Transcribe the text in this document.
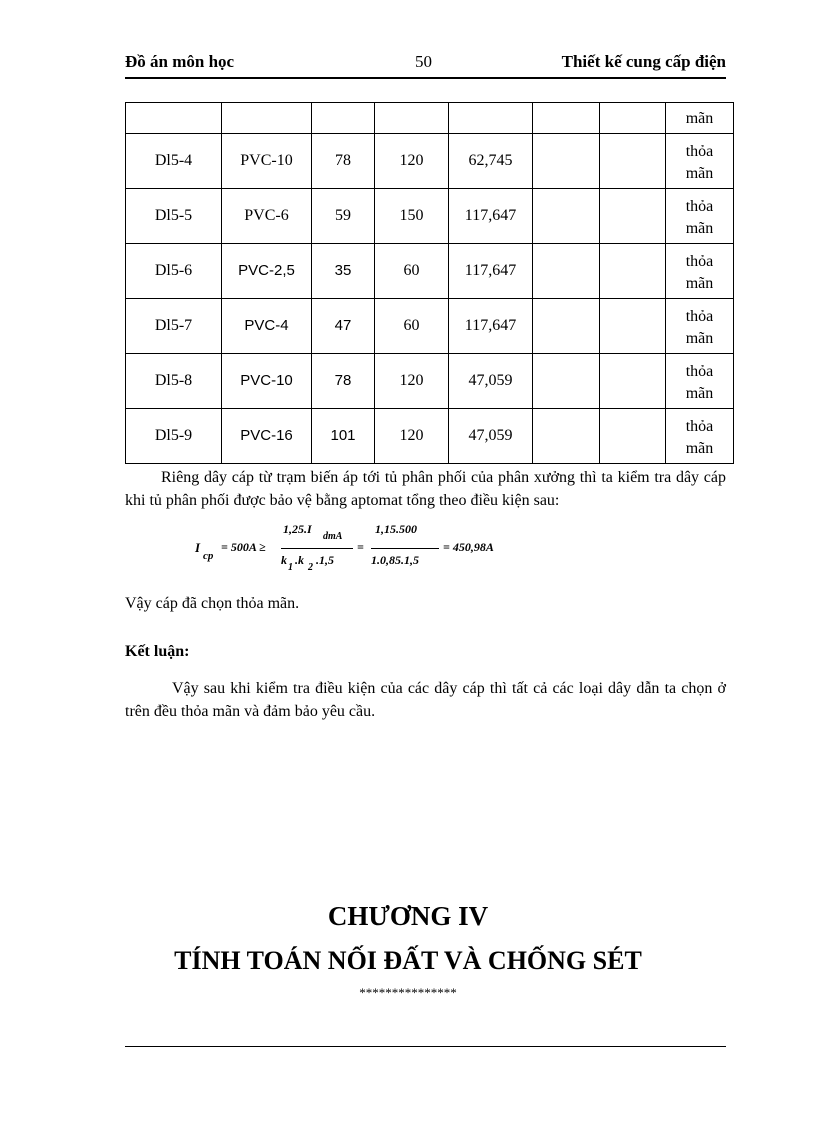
Đồ án môn học	50	Thiết kế cung cấp điện

							mãn

Dl5-4	PVC-10	78	120	62,745			thỏa
mãn

Dl5-5	PVC-6	59	150	117,647			thỏa
mãn

Dl5-6	PVC-2,5	35	60	117,647			thỏa
mãn

Dl5-7	PVC-4	47	60	117,647			thỏa
mãn

Dl5-8	PVC-10	78	120	47,059			thỏa
mãn

Dl5-9	PVC-16	101	120	47,059			thỏa
mãn

Riêng dây cáp từ trạm biến áp tới tủ phân phối của phân xưởng thì ta kiểm tra dây cáp khi tủ phân phối được bảo vệ bằng aptomat tổng theo điều kiện sau:

I
cp
= 500A ≥
1,25.I
dmA
k
1
.k
2
.1,5
=
1,15.500
1.0,85.1,5
= 450,98A

Vậy cáp đã chọn thỏa mãn.

Kết luận:

Vậy sau khi kiểm tra điều kiện của các dây cáp thì tất cả các loại dây dẫn ta chọn ở trên đều thỏa mãn và đảm bảo yêu cầu.

CHƯƠNG IV
TÍNH TOÁN NỐI ĐẤT VÀ CHỐNG SÉT
***************
